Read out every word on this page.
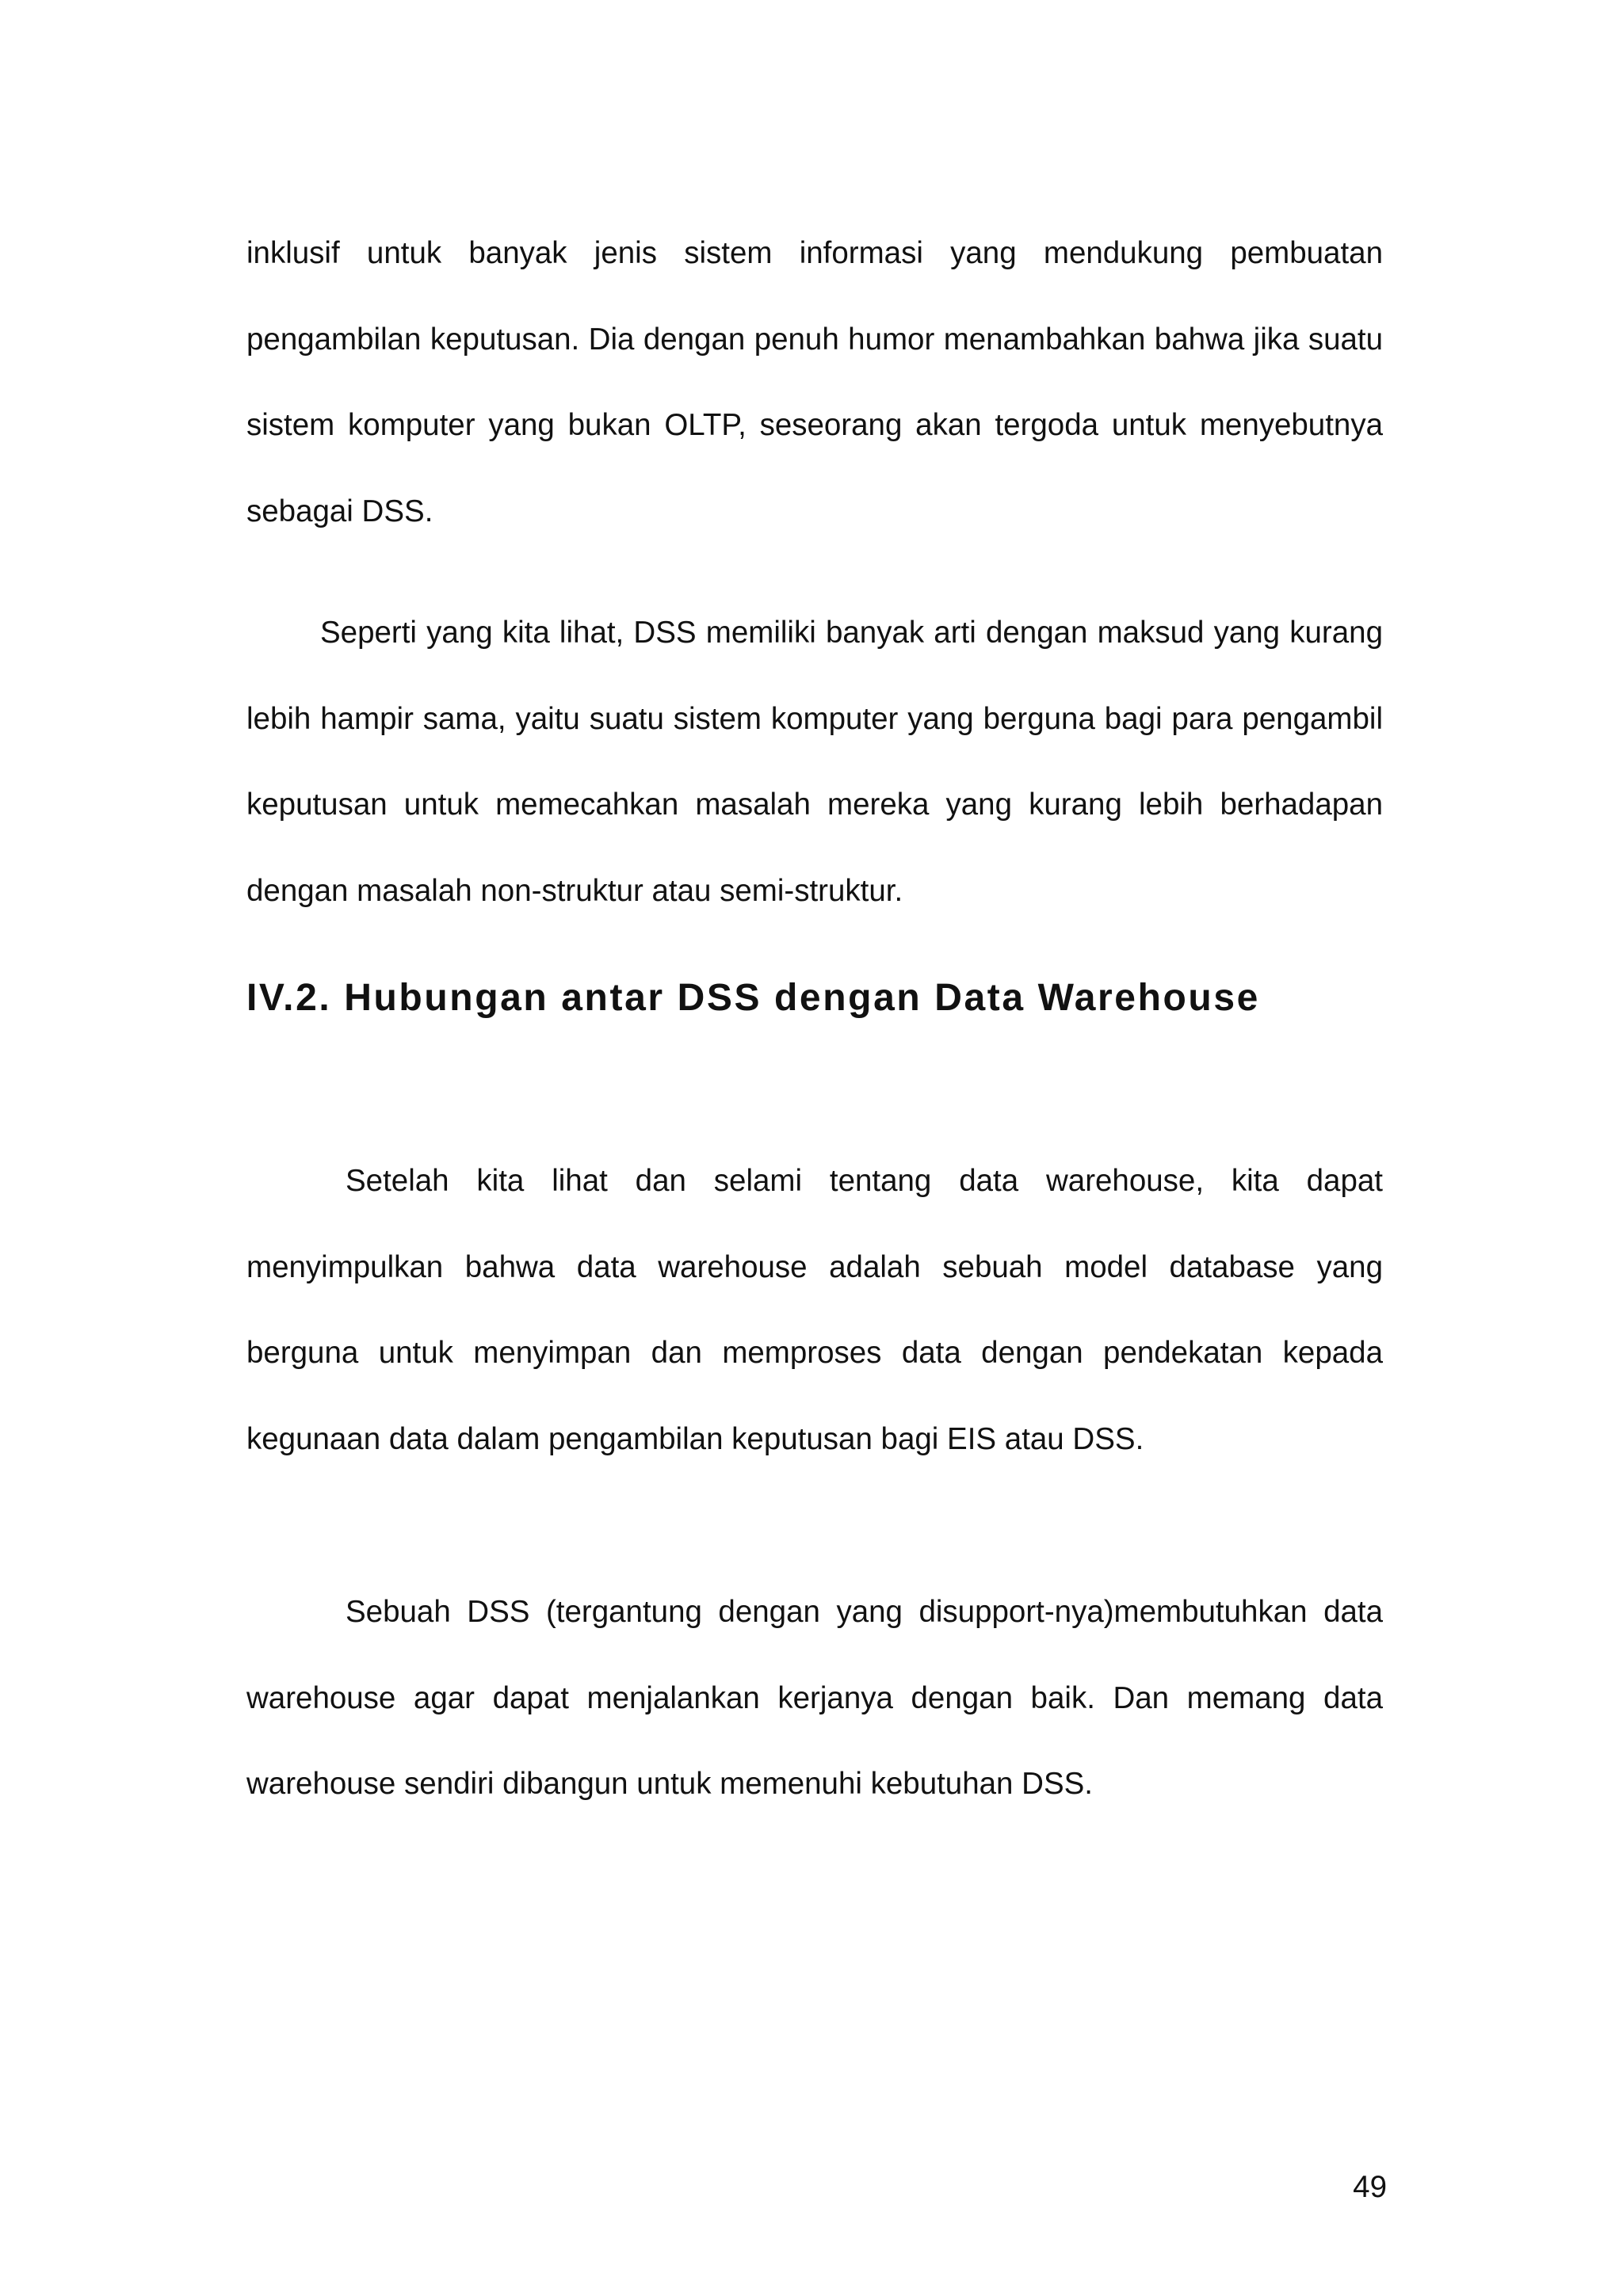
inklusif untuk banyak jenis sistem informasi yang mendukung pembuatan pengambilan keputusan. Dia dengan penuh humor menambahkan bahwa jika suatu sistem komputer yang bukan OLTP, seseorang akan tergoda untuk menyebutnya sebagai DSS.

Seperti yang kita lihat, DSS memiliki banyak arti dengan maksud yang kurang lebih hampir sama, yaitu suatu sistem komputer yang berguna bagi para pengambil keputusan untuk memecahkan masalah mereka yang kurang lebih berhadapan dengan masalah non-struktur atau semi-struktur.

IV.2. Hubungan antar DSS dengan Data Warehouse

Setelah kita lihat dan selami tentang data warehouse, kita dapat menyimpulkan bahwa data warehouse adalah sebuah model database yang berguna untuk menyimpan dan memproses data dengan pendekatan kepada kegunaan data dalam pengambilan keputusan bagi EIS atau DSS.

Sebuah DSS (tergantung dengan yang disupport-nya)membutuhkan data warehouse agar dapat menjalankan kerjanya dengan baik. Dan memang data warehouse sendiri dibangun untuk memenuhi kebutuhan DSS.

49
